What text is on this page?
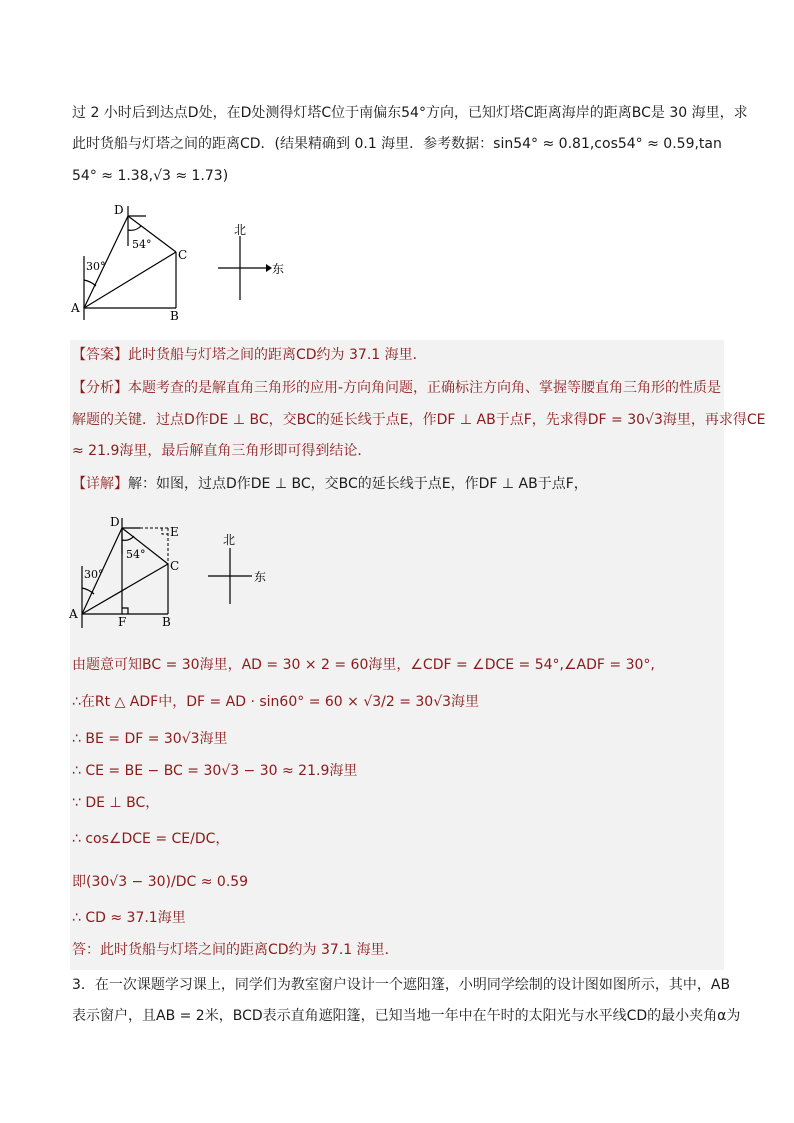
过 2 小时后到达点D处，在D处测得灯塔C位于南偏东54°方向，已知灯塔C距离海岸的距离BC是 30 海里，求
此时货船与灯塔之间的距离CD．(结果精确到 0.1 海里．参考数据：sin54° ≈ 0.81,cos54° ≈ 0.59,tan
54° ≈ 1.38,√3 ≈ 1.73)
D
C
A
B
30°
54°
北
东
【答案】此时货船与灯塔之间的距离CD约为 37.1 海里．
【分析】本题考查的是解直角三角形的应用-方向角问题，正确标注方向角、掌握等腰直角三角形的性质是
解题的关键．过点D作DE ⊥ BC，交BC的延长线于点E，作DF ⊥ AB于点F，先求得DF = 30√3海里，再求得CE
≈ 21.9海里，最后解直角三角形即可得到结论．
【详解】解：如图，过点D作DE ⊥ BC，交BC的延长线于点E，作DF ⊥ AB于点F，
D
E
C
A
F	B
30°
54°
北
东
由题意可知BC = 30海里，AD = 30 × 2 = 60海里，∠CDF = ∠DCE = 54°,∠ADF = 30°,
∴在Rt △ ADF中，DF = AD · sin60° = 60 × √3/2 = 30√3海里
∴ BE = DF = 30√3海里
∴ CE = BE − BC = 30√3 − 30 ≈ 21.9海里
∵ DE ⊥ BC，
∴ cos∠DCE = CE/DC，
即(30√3 − 30)/DC ≈ 0.59
∴ CD ≈ 37.1海里
答：此时货船与灯塔之间的距离CD约为 37.1 海里．
3．在一次课题学习课上，同学们为教室窗户设计一个遮阳篷，小明同学绘制的设计图如图所示，其中，AB
表示窗户，且AB = 2米，BCD表示直角遮阳篷，已知当地一年中在午时的太阳光与水平线CD的最小夹角α为
